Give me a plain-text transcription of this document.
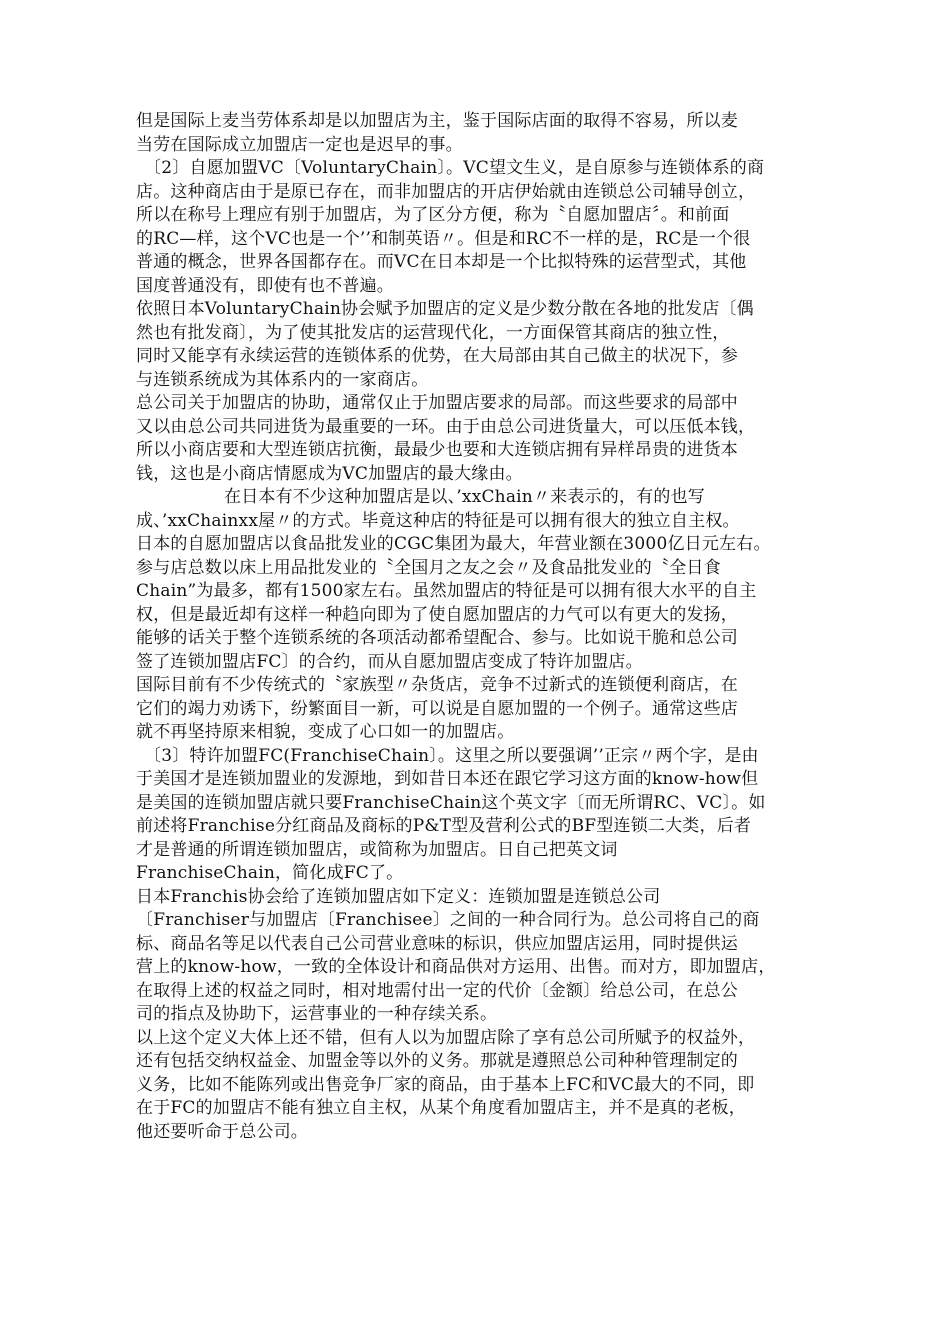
但是国际上麦当劳体系却是以加盟店为主，鉴于国际店面的取得不容易，所以麦
当劳在国际成立加盟店一定也是迟早的事。
〔2〕自愿加盟VC〔VoluntaryChain〕。VC望文生义，是自原参与连锁体系的商
店。这种商店由于是原已存在，而非加盟店的开店伊始就由连锁总公司辅导创立，
所以在称号上理应有别于加盟店，为了区分方便，称为〝自愿加盟店〞。和前面
的RC—样，这个VC也是一个’’和制英语〃。但是和RC不一样的是，RC是一个很
普通的概念，世界各国都存在。而VC在日本却是一个比拟特殊的运营型式，其他
国度普通没有，即使有也不普遍。
依照日本VoluntaryChain协会赋予加盟店的定义是少数分散在各地的批发店〔偶
然也有批发商〕，为了使其批发店的运营现代化，一方面保管其商店的独立性，
同时又能享有永续运营的连锁体系的优势，在大局部由其自己做主的状况下，参
与连锁系统成为其体系内的一家商店。
总公司关于加盟店的协助，通常仅止于加盟店要求的局部。而这些要求的局部中
又以由总公司共同进货为最重要的一环。由于由总公司进货量大，可以压低本钱，
所以小商店要和大型连锁店抗衡，最最少也要和大连锁店拥有异样昂贵的进货本
钱，这也是小商店情愿成为VC加盟店的最大缘由。
在日本有不少这种加盟店是以、’xxChain〃来表示的，有的也写
成、’xxChainxx屋〃的方式。毕竟这种店的特征是可以拥有很大的独立自主权。
日本的自愿加盟店以食品批发业的CGC集团为最大，年营业额在3000亿日元左右。
参与店总数以床上用品批发业的〝全国月之友之会〃及食品批发业的〝全日食
Chain”为最多，都有1500家左右。虽然加盟店的特征是可以拥有很大水平的自主
权，但是最近却有这样一种趋向即为了使自愿加盟店的力气可以有更大的发扬，
能够的话关于整个连锁系统的各项活动都希望配合、参与。比如说干脆和总公司
签了连锁加盟店FC〕的合约，而从自愿加盟店变成了特许加盟店。
国际目前有不少传统式的〝家族型〃杂货店，竞争不过新式的连锁便利商店，在
它们的竭力劝诱下，纷繁面目一新，可以说是自愿加盟的一个例子。通常这些店
就不再坚持原来相貌，变成了心口如一的加盟店。
〔3〕特许加盟FC(FranchiseChain〕。这里之所以要强调’’正宗〃两个字，是由
于美国才是连锁加盟业的发源地，到如昔日本还在跟它学习这方面的know-how但
是美国的连锁加盟店就只要FranchiseChain这个英文字〔而无所谓RC、VC〕。如
前述将Franchise分红商品及商标的P&T型及营利公式的BF型连锁二大类，后者
才是普通的所谓连锁加盟店，或简称为加盟店。日自己把英文词
FranchiseChain，简化成FC了。
日本Franchis协会给了连锁加盟店如下定义：连锁加盟是连锁总公司
〔Franchiser与加盟店〔Franchisee〕之间的一种合同行为。总公司将自己的商
标、商品名等足以代表自己公司营业意味的标识，供应加盟店运用，同时提供运
营上的know-how，一致的全体设计和商品供对方运用、出售。而对方，即加盟店，
在取得上述的权益之同时，相对地需付出一定的代价〔金额〕给总公司，在总公
司的指点及协助下，运营事业的一种存续关系。
以上这个定义大体上还不错，但有人以为加盟店除了享有总公司所赋予的权益外，
还有包括交纳权益金、加盟金等以外的义务。那就是遵照总公司种种管理制定的
义务，比如不能陈列或出售竞争厂家的商品，由于基本上FC和VC最大的不同，即
在于FC的加盟店不能有独立自主权，从某个角度看加盟店主，并不是真的老板，
他还要听命于总公司。
